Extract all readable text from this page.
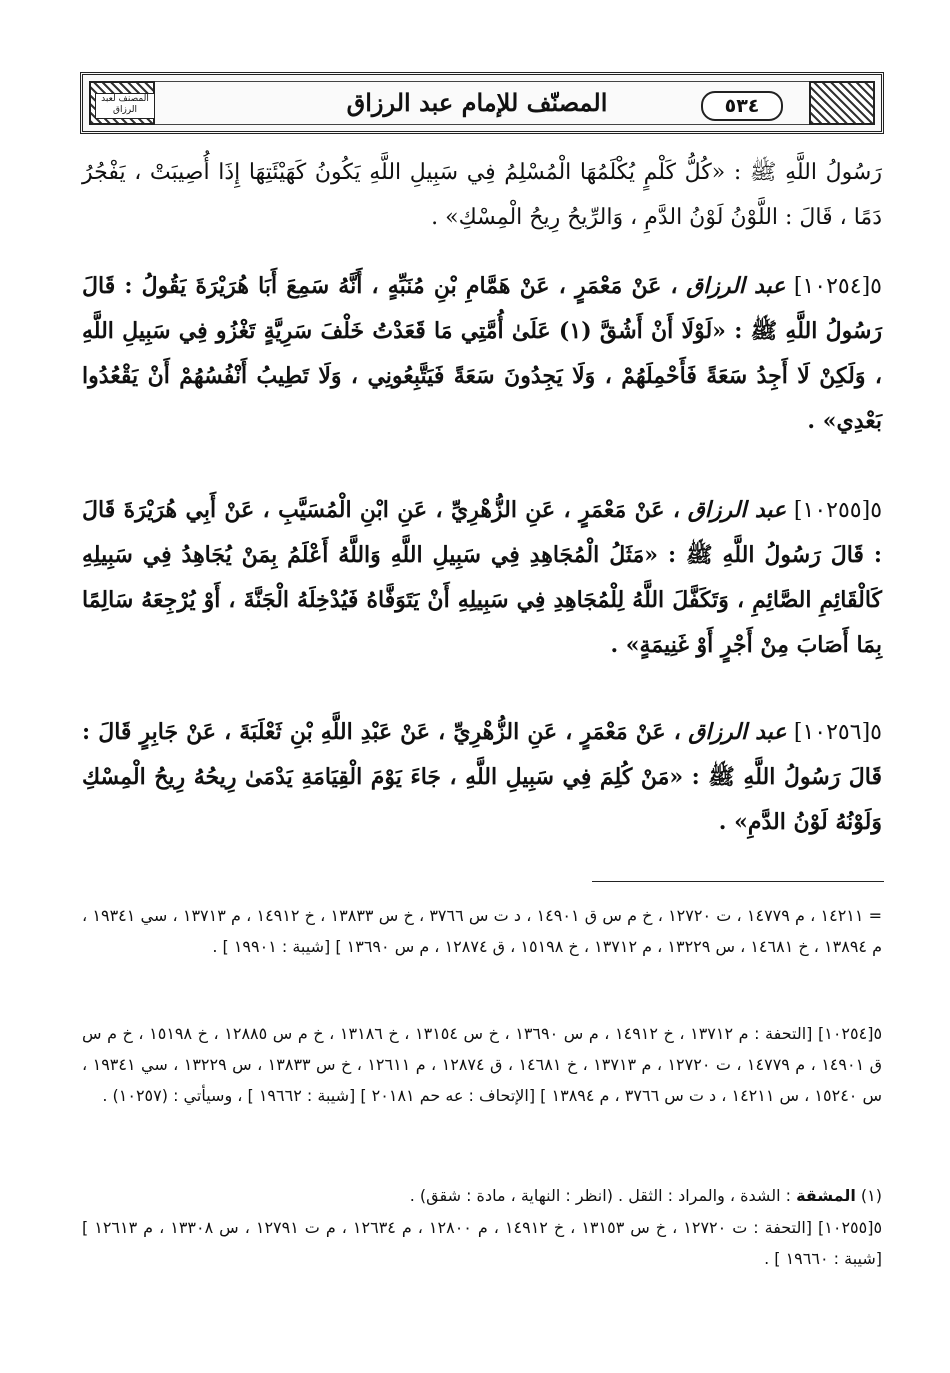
المصنف لعبد الرزاق	٥٣٤
المصنّف للإمام عبد الرزاق

رَسُولُ اللَّهِ ﷺ : «كُلُّ كَلْمٍ يُكْلَمُهَا الْمُسْلِمُ فِي سَبِيلِ اللَّهِ يَكُونُ كَهَيْئَتِهَا إِذَا أُصِيبَتْ ، يَفْجُرُ دَمًا ، قَالَ : اللَّوْنُ لَوْنُ الدَّمِ ، وَالرِّيحُ رِيحُ الْمِسْكِ» .

٥[١٠٢٥٤] عبد الرزاق ، عَنْ مَعْمَرٍ ، عَنْ هَمَّامِ بْنِ مُنَبِّهٍ ، أَنَّهُ سَمِعَ أَبَا هُرَيْرَةَ يَقُولُ : قَالَ رَسُولُ اللَّهِ ﷺ : «لَوْلَا أَنْ أَشُقَّ (١) عَلَىٰ أُمَّتِي مَا قَعَدْتُ خَلْفَ سَرِيَّةٍ تَغْزُو فِي سَبِيلِ اللَّهِ ، وَلَكِنْ لَا أَجِدُ سَعَةً فَأَحْمِلَهُمْ ، وَلَا يَجِدُونَ سَعَةً فَيَتَّبِعُونِي ، وَلَا تَطِيبُ أَنْفُسُهُمْ أَنْ يَقْعُدُوا بَعْدِي» .

٥[١٠٢٥٥] عبد الرزاق ، عَنْ مَعْمَرٍ ، عَنِ الزُّهْرِيِّ ، عَنِ ابْنِ الْمُسَيَّبِ ، عَنْ أَبِي هُرَيْرَةَ قَالَ : قَالَ رَسُولُ اللَّهِ ﷺ : «مَثَلُ الْمُجَاهِدِ فِي سَبِيلِ اللَّهِ وَاللَّهُ أَعْلَمُ بِمَنْ يُجَاهِدُ فِي سَبِيلِهِ كَالْقَائِمِ الصَّائِمِ ، وَتَكَفَّلَ اللَّهُ لِلْمُجَاهِدِ فِي سَبِيلِهِ أَنْ يَتَوَفَّاهُ فَيُدْخِلَهُ الْجَنَّةَ ، أَوْ يُرْجِعَهُ سَالِمًا بِمَا أَصَابَ مِنْ أَجْرٍ أَوْ غَنِيمَةٍ» .

٥[١٠٢٥٦] عبد الرزاق ، عَنْ مَعْمَرٍ ، عَنِ الزُّهْرِيِّ ، عَنْ عَبْدِ اللَّهِ بْنِ ثَعْلَبَةَ ، عَنْ جَابِرٍ قَالَ : قَالَ رَسُولُ اللَّهِ ﷺ : «مَنْ كُلِمَ فِي سَبِيلِ اللَّهِ ، جَاءَ يَوْمَ الْقِيَامَةِ يَدْمَىٰ رِيحُهُ رِيحُ الْمِسْكِ وَلَوْنُهُ لَوْنُ الدَّمِ» .

= ١٤٢١١ ، م ١٤٧٧٩ ، ت ١٢٧٢٠ ، خ م س ق ١٤٩٠١ ، د ت س ٣٧٦٦ ، خ س ١٣٨٣٣ ، خ ١٤٩١٢ ، م ١٣٧١٣ ، سي ١٩٣٤١ ، م ١٣٨٩٤ ، خ ١٤٦٨١ ، س ١٣٢٢٩ ، م ١٣٧١٢ ، خ ١٥١٩٨ ، ق ١٢٨٧٤ ، م س ١٣٦٩٠ ] [شيبة : ١٩٩٠١ ] .

٥[١٠٢٥٤] [التحفة : م ١٣٧١٢ ، خ ١٤٩١٢ ، م س ١٣٦٩٠ ، خ س ١٣١٥٤ ، خ ١٣١٨٦ ، خ م س ١٢٨٨٥ ، خ ١٥١٩٨ ، خ م س ق ١٤٩٠١ ، م ١٤٧٧٩ ، ت ١٢٧٢٠ ، م ١٣٧١٣ ، خ ١٤٦٨١ ، ق ١٢٨٧٤ ، م ١٢٦١١ ، خ س ١٣٨٣٣ ، س ١٣٢٢٩ ، سي ١٩٣٤١ ، س ١٥٢٤٠ ، س ١٤٢١١ ، د ت س ٣٧٦٦ ، م ١٣٨٩٤ ] [الإتحاف : عه حم ٢٠١٨١ ] [شيبة : ١٩٦٦٢ ] ، وسيأتي : (١٠٢٥٧) .

(١) المشقة : الشدة ، والمراد : الثقل . (انظر : النهاية ، مادة : شقق) .

٥[١٠٢٥٥] [التحفة : ت ١٢٧٢٠ ، خ س ١٣١٥٣ ، خ ١٤٩١٢ ، م ١٢٨٠٠ ، م ١٢٦٣٤ ، م ت ١٢٧٩١ ، س ١٣٣٠٨ ، م ١٢٦١٣ ] [شيبة : ١٩٦٦٠ ] .
